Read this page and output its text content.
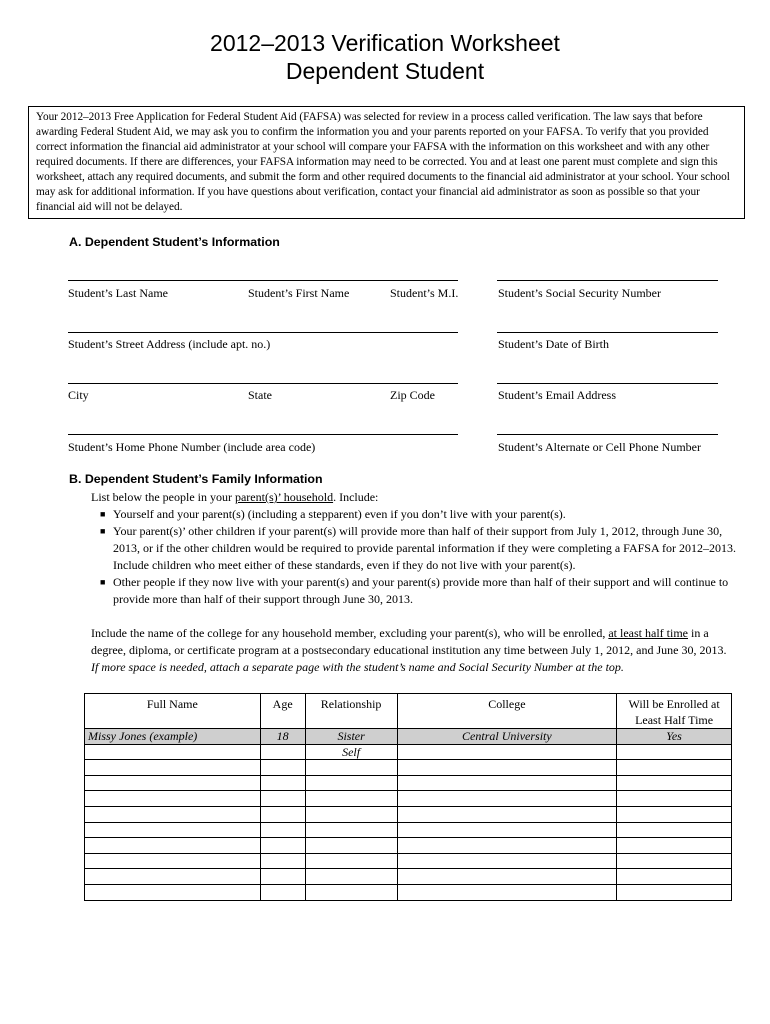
2012–2013 Verification Worksheet
Dependent Student
Your 2012–2013 Free Application for Federal Student Aid (FAFSA) was selected for review in a process called verification. The law says that before awarding Federal Student Aid, we may ask you to confirm the information you and your parents reported on your FAFSA. To verify that you provided correct information the financial aid administrator at your school will compare your FAFSA with the information on this worksheet and with any other required documents. If there are differences, your FAFSA information may need to be corrected. You and at least one parent must complete and sign this worksheet, attach any required documents, and submit the form and other required documents to the financial aid administrator at your school. Your school may ask for additional information. If you have questions about verification, contact your financial aid administrator as soon as possible so that your financial aid will not be delayed.
A. Dependent Student’s Information
Student’s Last Name	Student’s First Name	Student’s M.I.	Student’s Social Security Number
Student’s Street Address (include apt. no.)	Student’s Date of Birth
City	State	Zip Code	Student’s Email Address
Student’s Home Phone Number (include area code)	Student’s Alternate or Cell Phone Number
B. Dependent Student’s Family Information
List below the people in your parent(s)’ household. Include:
■ Yourself and your parent(s) (including a stepparent) even if you don’t live with your parent(s).
■ Your parent(s)’ other children if your parent(s) will provide more than half of their support from July 1, 2012, through June 30, 2013, or if the other children would be required to provide parental information if they were completing a FAFSA for 2012–2013. Include children who meet either of these standards, even if they do not live with your parent(s).
■ Other people if they now live with your parent(s) and your parent(s) provide more than half of their support and will continue to provide more than half of their support through June 30, 2013.
Include the name of the college for any household member, excluding your parent(s), who will be enrolled, at least half time in a degree, diploma, or certificate program at a postsecondary educational institution any time between July 1, 2012, and June 30, 2013. If more space is needed, attach a separate page with the student’s name and Social Security Number at the top.
Full Name	Age	Relationship	College	Will be Enrolled at Least Half Time
Missy Jones (example)	18	Sister	Central University	Yes
		Self		
